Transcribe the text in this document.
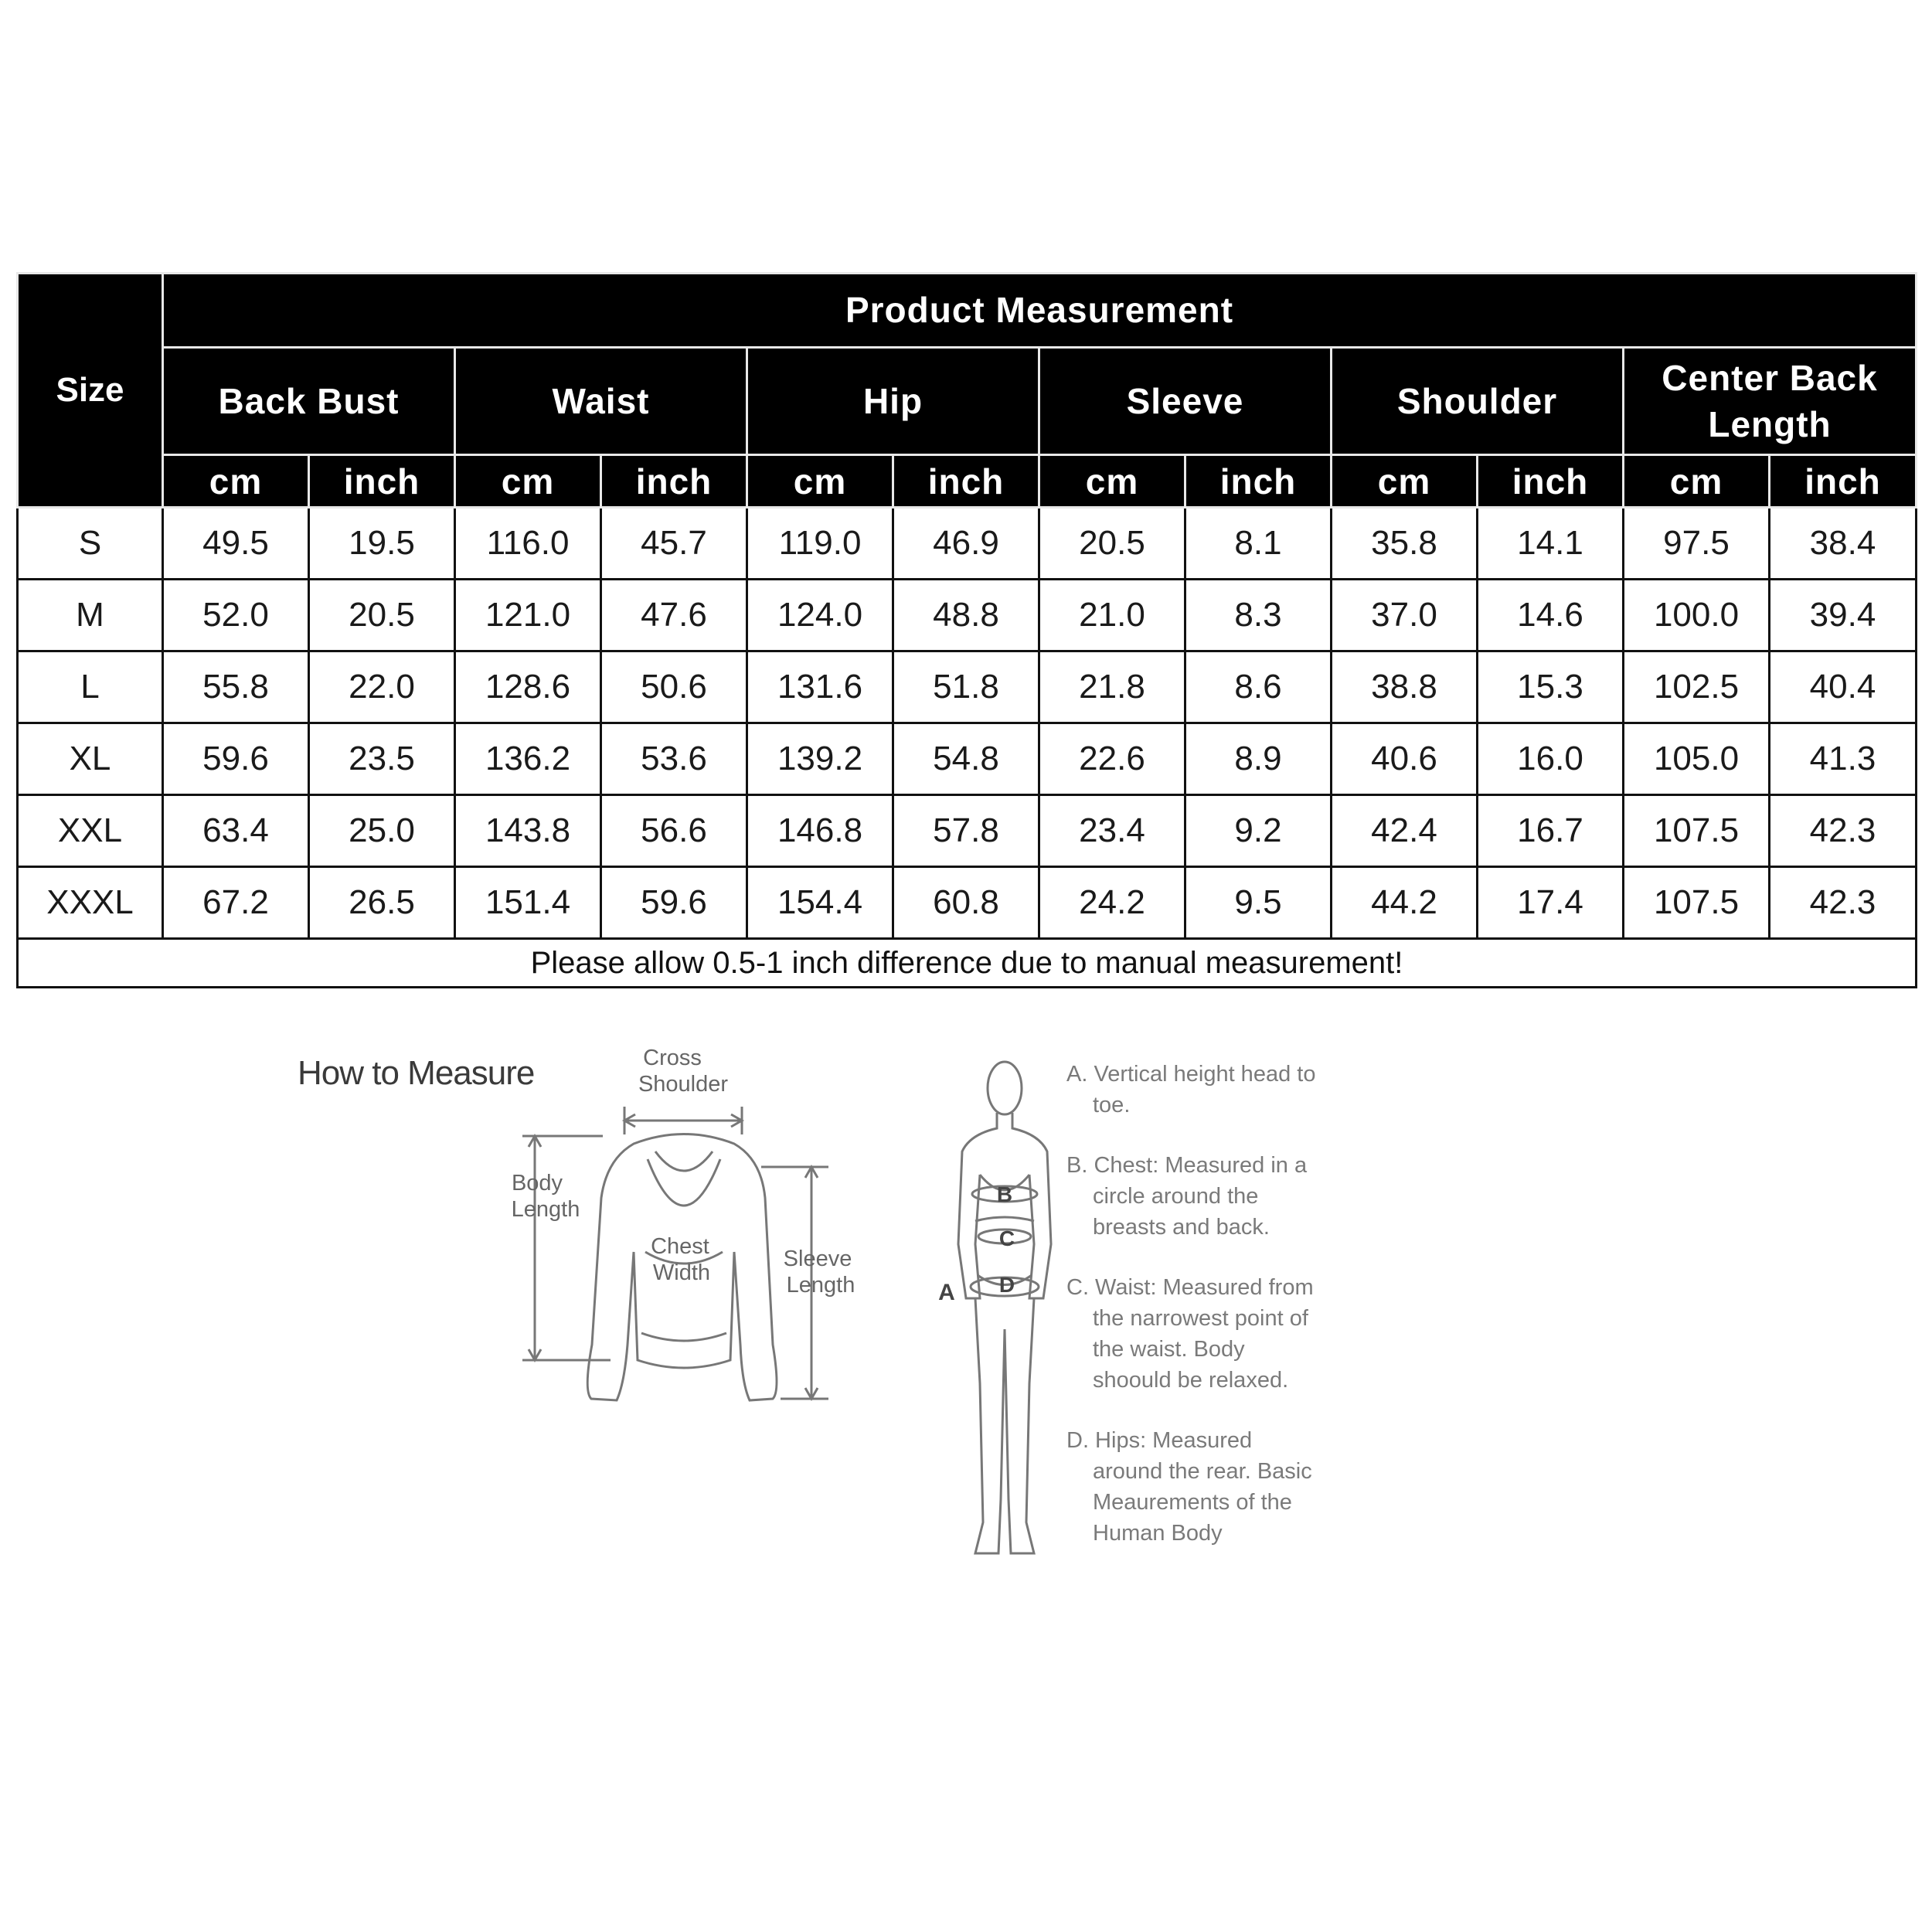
Size	Product Measurement											
	Back Bust		Waist		Hip		Sleeve		Shoulder		Center Back Length	
	cm	inch	cm	inch	cm	inch	cm	inch	cm	inch	cm	inch
S	49.5	19.5	116.0	45.7	119.0	46.9	20.5	8.1	35.8	14.1	97.5	38.4
M	52.0	20.5	121.0	47.6	124.0	48.8	21.0	8.3	37.0	14.6	100.0	39.4
L	55.8	22.0	128.6	50.6	131.6	51.8	21.8	8.6	38.8	15.3	102.5	40.4
XL	59.6	23.5	136.2	53.6	139.2	54.8	22.6	8.9	40.6	16.0	105.0	41.3
XXL	63.4	25.0	143.8	56.6	146.8	57.8	23.4	9.2	42.4	16.7	107.5	42.3
XXXL	67.2	26.5	151.4	59.6	154.4	60.8	24.2	9.5	44.2	17.4	107.5	42.3
Please allow 0.5-1 inch difference due to manual measurement!												
How to Measure	Cross
Shoulder
Body
Length
Chest
Width
Sleeve
Length
B
C
D
A

A. Vertical height head to toe.

B. Chest: Measured in a circle around the breasts and back.

C. Waist: Measured from the narrowest point of the waist. Body shoould be relaxed.

D. Hips: Measured around the rear. Basic Meaurements of the Human Body
